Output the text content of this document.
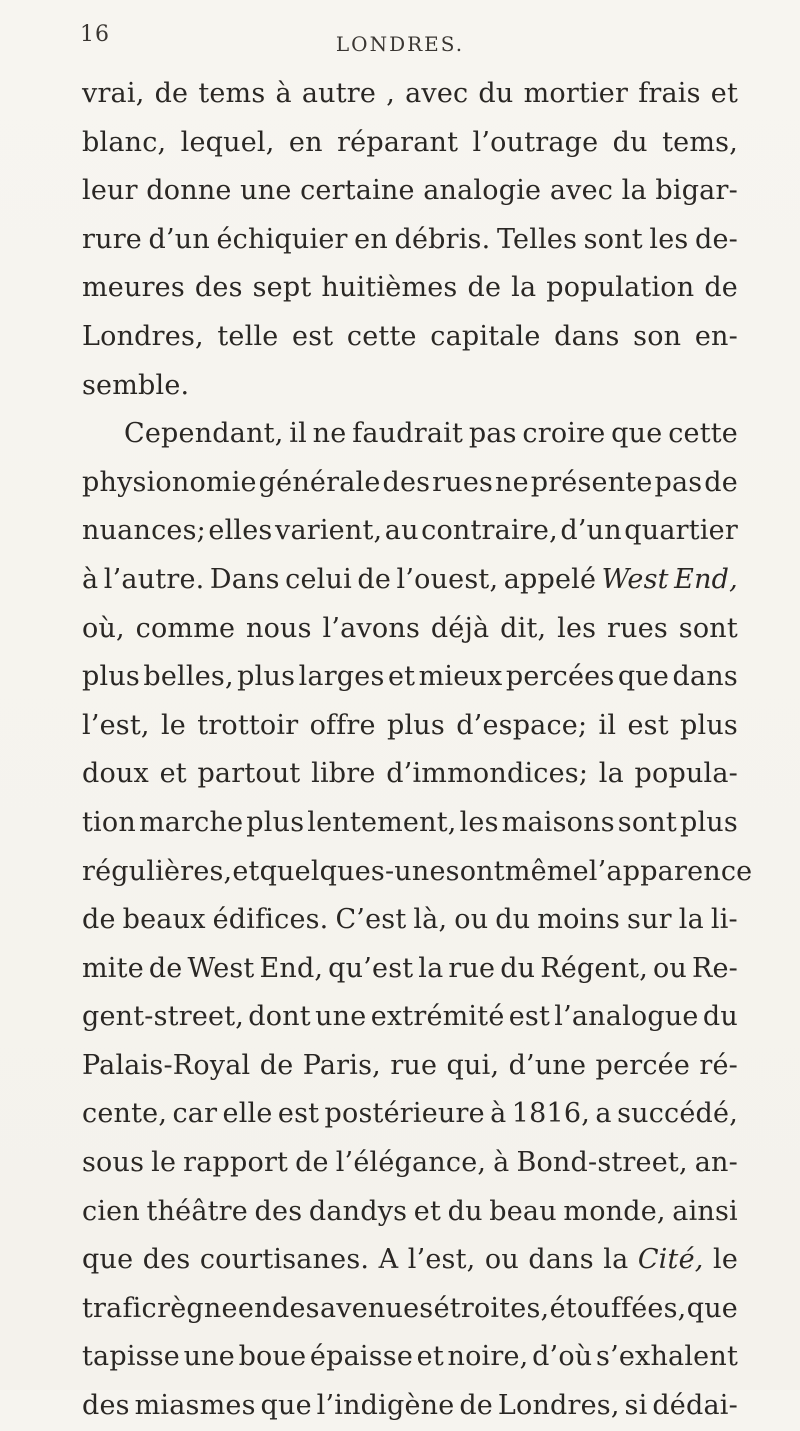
16	LONDRES.
vrai, de tems à autre , avec du mortier frais et
blanc, lequel, en réparant l’outrage du tems,
leur donne une certaine analogie avec la bigar-
rure d’un échiquier en débris. Telles sont les de-
meures des sept huitièmes de la population de
Londres, telle est cette capitale dans son en-
semble.
Cependant, il ne faudrait pas croire que cette
physionomie générale des rues ne présente pas de
nuances; elles varient, au contraire, d’un quartier
à l’autre. Dans celui de l’ouest, appelé West End,
où, comme nous l’avons déjà dit, les rues sont
plus belles, plus larges et mieux percées que dans
l’est, le trottoir offre plus d’espace; il est plus
doux et partout libre d’immondices; la popula-
tion marche plus lentement, les maisons sont plus
régulières, et quelques-unes ont même l’apparence
de beaux édifices. C’est là, ou du moins sur la li-
mite de West End, qu’est la rue du Régent, ou Re-
gent-street, dont une extrémité est l’analogue du
Palais-Royal de Paris, rue qui, d’une percée ré-
cente, car elle est postérieure à 1816, a succédé,
sous le rapport de l’élégance, à Bond-street, an-
cien théâtre des dandys et du beau monde, ainsi
que des courtisanes. A l’est, ou dans la Cité, le
trafic règne en des avenues étroites, étouffées, que
tapisse une boue épaisse et noire, d’où s’exhalent
des miasmes que l’indigène de Londres, si dédai-
